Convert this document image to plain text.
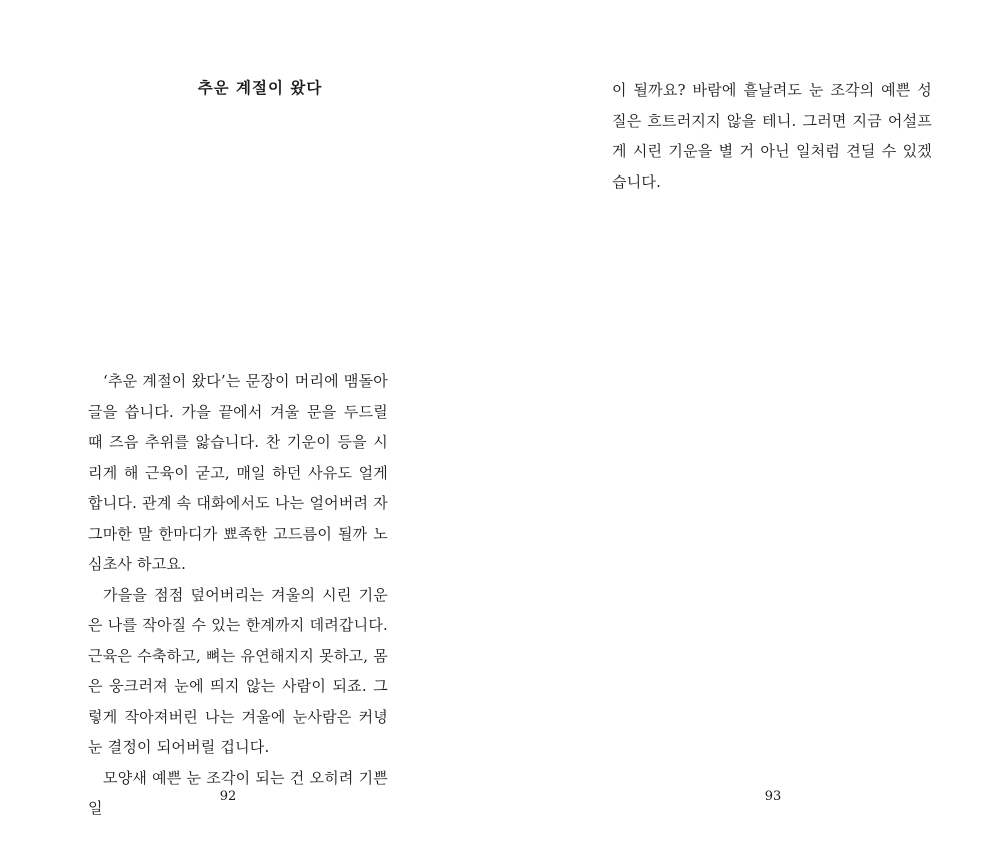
추운 계절이 왔다

‘추운 계절이 왔다’는 문장이 머리에 맴돌아 글을 씁니다. 가을 끝에서 겨울 문을 두드릴 때 즈음 추위를 앓습니다. 찬 기운이 등을 시리게 해 근육이 굳고, 매일 하던 사유도 얼게 합니다. 관계 속 대화에서도 나는 얼어버려 자그마한 말 한마디가 뾰족한 고드름이 될까 노심초사 하고요.

가을을 점점 덮어버리는 겨울의 시린 기운은 나를 작아질 수 있는 한계까지 데려갑니다. 근육은 수축하고, 뼈는 유연해지지 못하고, 몸은 웅크러져 눈에 띄지 않는 사람이 되죠. 그렇게 작아져버린 나는 겨울에 눈사람은 커녕 눈 결정이 되어버릴 겁니다.

모양새 예쁜 눈 조각이 되는 건 오히려 기쁜 일

92

이 될까요? 바람에 흩날려도 눈 조각의 예쁜 성질은 흐트러지지 않을 테니. 그러면 지금 어설프게 시린 기운을 별 거 아닌 일처럼 견딜 수 있겠습니다.

93
